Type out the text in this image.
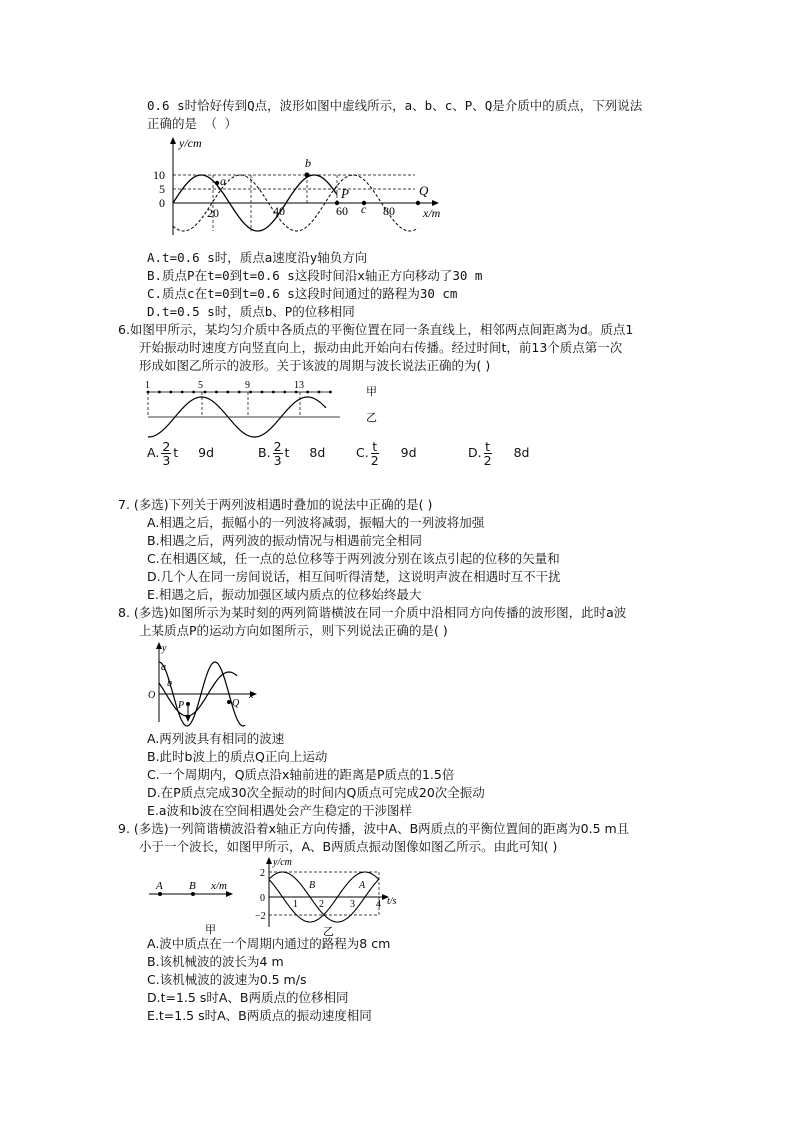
0.6 s时恰好传到Q点，波形如图中虚线所示，a、b、c、P、Q是介质中的质点，下列说法
正确的是 （ ）
y/cm
10
5
0
20	40	60	80 x/m
a
b
c
P	Q
A.t=0.6 s时，质点a速度沿y轴负方向
B.质点P在t=0到t=0.6 s这段时间沿x轴正方向移动了30 m
C.质点c在t=0到t=0.6 s这段时间通过的路程为30 cm
D.t=0.5 s时，质点b、P的位移相同
6.如图甲所示，某均匀介质中各质点的平衡位置在同一条直线上，相邻两点间距离为d。质点1
开始振动时速度方向竖直向上，振动由此开始向右传播。经过时间t，前13个质点第一次
形成如图乙所示的波形。关于该波的周期与波长说法正确的为( )
1	5	9	13
甲
乙
A. $\frac{2}{3}$ t 9d	B. $\frac{2}{3}$ t 8d C. $\frac{t}{2} 9d$	D. $\frac{t}{2} 8d$
7. (多选)下列关于两列波相遇时叠加的说法中正确的是( )
A.相遇之后，振幅小的一列波将减弱，振幅大的一列波将加强
B.相遇之后，两列波的振动情况与相遇前完全相同
C.在相遇区域，任一点的总位移等于两列波分别在该点引起的位移的矢量和
D.几个人在同一房间说话，相互间听得清楚，这说明声波在相遇时互不干扰
E.相遇之后，振动加强区域内质点的位移始终最大
8. (多选)如图所示为某时刻的两列简谐横波在同一介质中沿相同方向传播的波形图，此时a波
上某质点P的运动方向如图所示，则下列说法正确的是( )
y
O
a
b
x
P	Q
A.两列波具有相同的波速
B.此时b波上的质点Q正向上运动
C.一个周期内，Q质点沿x轴前进的距离是P质点的1.5倍
D.在P质点完成30次全振动的时间内Q质点可完成20次全振动
E.a波和b波在空间相遇处会产生稳定的干涉图样
9. (多选)一列简谐横波沿着x轴正方向传播，波中A、B两质点的平衡位置间的距离为0.5 m且
小于一个波长，如图甲所示，A、B两质点振动图像如图乙所示。由此可知( )
A B x/m
甲
y/cm
2
0
−2
1 2	3 4 t/s
B	A
乙
A.波中质点在一个周期内通过的路程为8 cm
B.该机械波的波长为4 m
C.该机械波的波速为0.5 m/s
D.t=1.5 s时A、B两质点的位移相同
E.t=1.5 s时A、B两质点的振动速度相同
